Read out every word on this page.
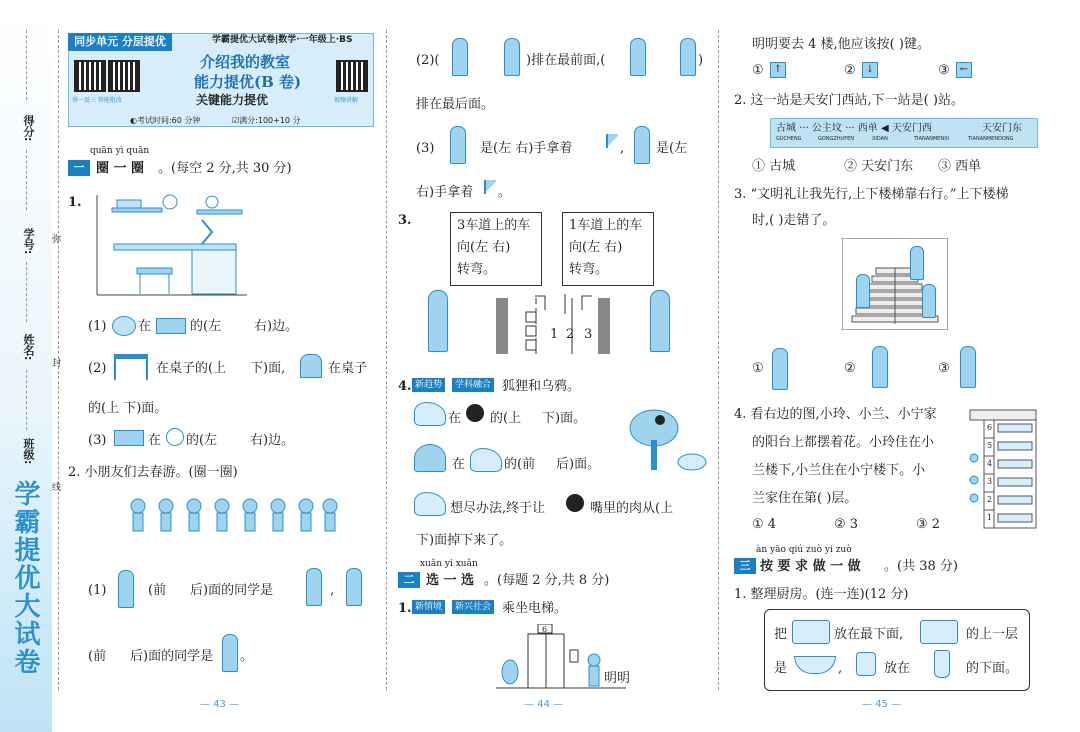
学霸提优大试卷
得分:
学号:
姓名:
班级:
弥
封
线
同步单元 分层提优	学霸提优大试卷|数学·一年级上·BS
举一反三 智能批改	视频讲解
介绍我的教室
能力提优(B 卷)
关键能力提优
◐考试时间:60 分钟	☑满分:100+10 分
quān yì quān
一 圈 一 圈 。(每空 2 分,共 30 分)
1.
(1) 在	的(左	右)边。
(2)	在桌子的(上 下)面,	在桌子
的(上 下)面。
(3)	在 的(左	右)边。
2. 小朋友们去春游。(圈一圈)
(1)	(前 后)面的同学是	,
(前 后)面的同学是 。
— 43 —
(2)(	)排在最前面,(	)
排在最后面。
(3)	是(左 右)手拿着	, 是(左
右)手拿着 。
3.	3车道上的车
向(左 右)
转弯。
1车道上的车
向(左 右)
转弯。
1 2 3
4. 新趋势	学科融合 狐狸和乌鸦。
在 的(上 下)面。
在	的(前 后)面。
想尽办法,终于让	嘴里的肉从(上
下)面掉下来了。
xuǎn yi xuǎn
二 选 一 选 。(每题 2 分,共 8 分)
1. 新情境	新兴社会 乘坐电梯。
6
明明
— 44 —
明明要去 4 楼,他应该按( )键。
①	↑	②	↓	③	←
2. 这一站是天安门西站,下一站是( )站。
古城 ··· 公主坟 ··· 西单 ◀ 天安门西	天安门东
GUCHENG	GONGZHUFEN	XIDAN	TIANANMENXI	TIANANMENDONG
① 古城	② 天安门东 ③ 西单
3. “文明礼让我先行,上下楼梯靠右行。”上下楼梯
时,( )走错了。
①	②	③
4. 看右边的图,小玲、小兰、小宁家
的阳台上都摆着花。小玲住在小
兰楼下,小兰住在小宁楼下。小
兰家住在第( )层。
① 4	② 3	③ 2
6
5
4
3
2
1
àn yāo qiú zuò yi zuò
三 按 要 求 做 一 做 。(共 38 分)
1. 整理厨房。(连一连)(12 分)
把	放在最下面,	的上一层
是	,	放在	的下面。
— 45 —
